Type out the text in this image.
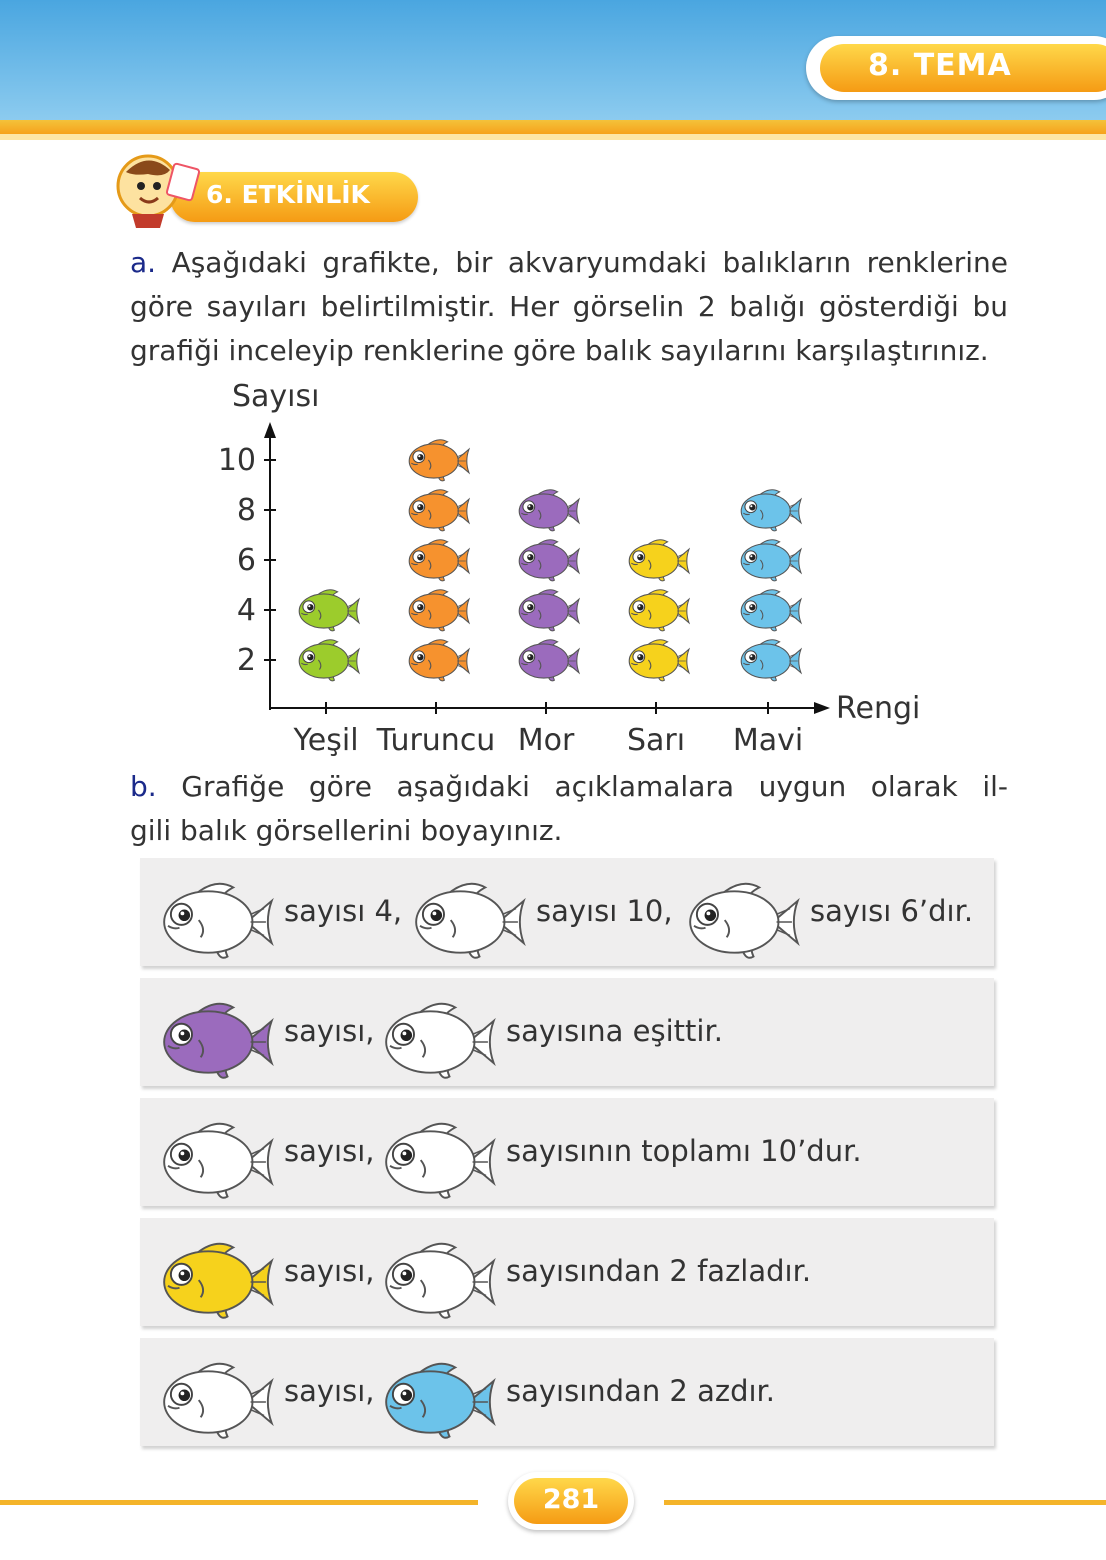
8. TEMA
6. ETKİNLİK
a. Aşağıdaki grafikte, bir akvaryumdaki balıkların renklerine
göre sayıları belirtilmiştir. Her görselin 2 balığı gösterdiği bu
grafiği inceleyip renklerine göre balık sayılarını karşılaştırınız.
Sayısı
Rengi
2
4
6
8
10
Yeşil Turuncu Mor Sarı Mavi
b. Grafiğe göre aşağıdaki açıklamalara uygun olarak il-
gili balık görsellerini boyayınız.
sayısı 4,	sayısı 10,	sayısı 6’dır.
sayısı,	sayısına eşittir.
sayısı,	sayısının toplamı 10’dur.
sayısı,	sayısından 2 fazladır.
sayısı,	sayısından 2 azdır.
281
